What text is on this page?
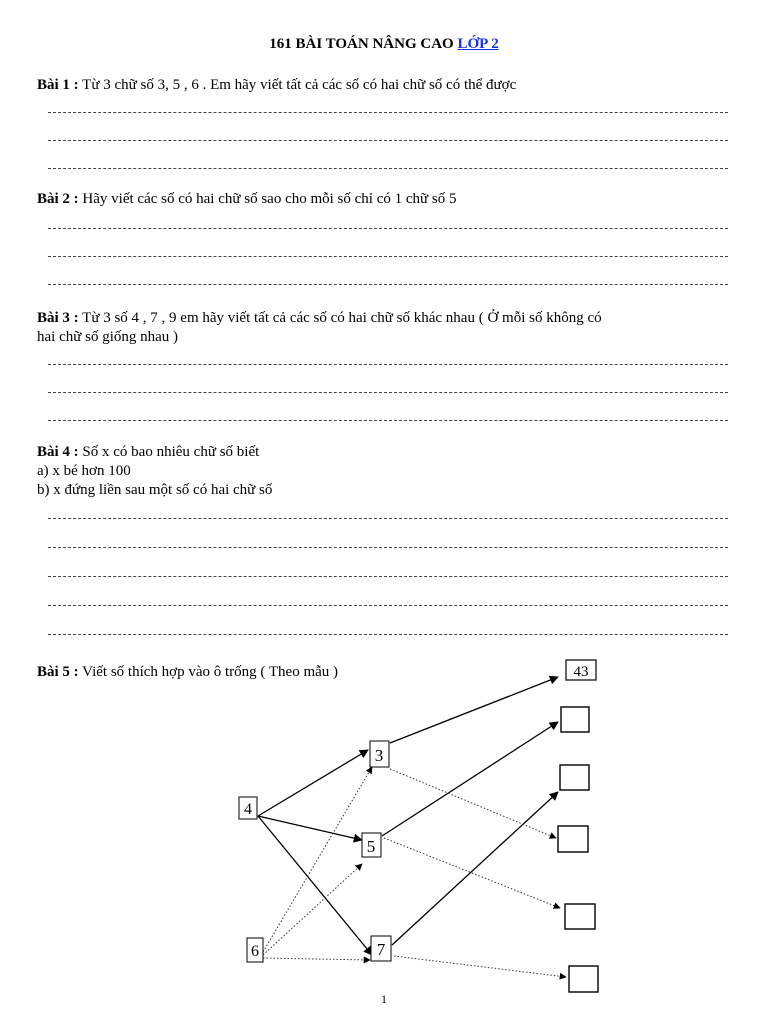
161 BÀI TOÁN NÂNG CAO LỚP 2
Bài 1 : Từ 3 chữ số 3, 5 , 6 . Em hãy viết tất cả các số có hai chữ số có thể được
Bài 2 : Hãy viết các số có hai chữ số sao cho mỗi số chỉ có 1 chữ số 5
Bài 3 : Từ 3 số 4 , 7 , 9 em hãy viết tất cả các số có hai chữ số khác nhau ( Ở mỗi số không có
hai chữ số giống nhau )
Bài 4 : Số x có bao nhiêu chữ số biết
a) x bé hơn 100
b) x đứng liền sau một số có hai chữ số
Bài 5 : Viết số thích hợp vào ô trống ( Theo mẫu )
4
6
3
5
7
43
1
